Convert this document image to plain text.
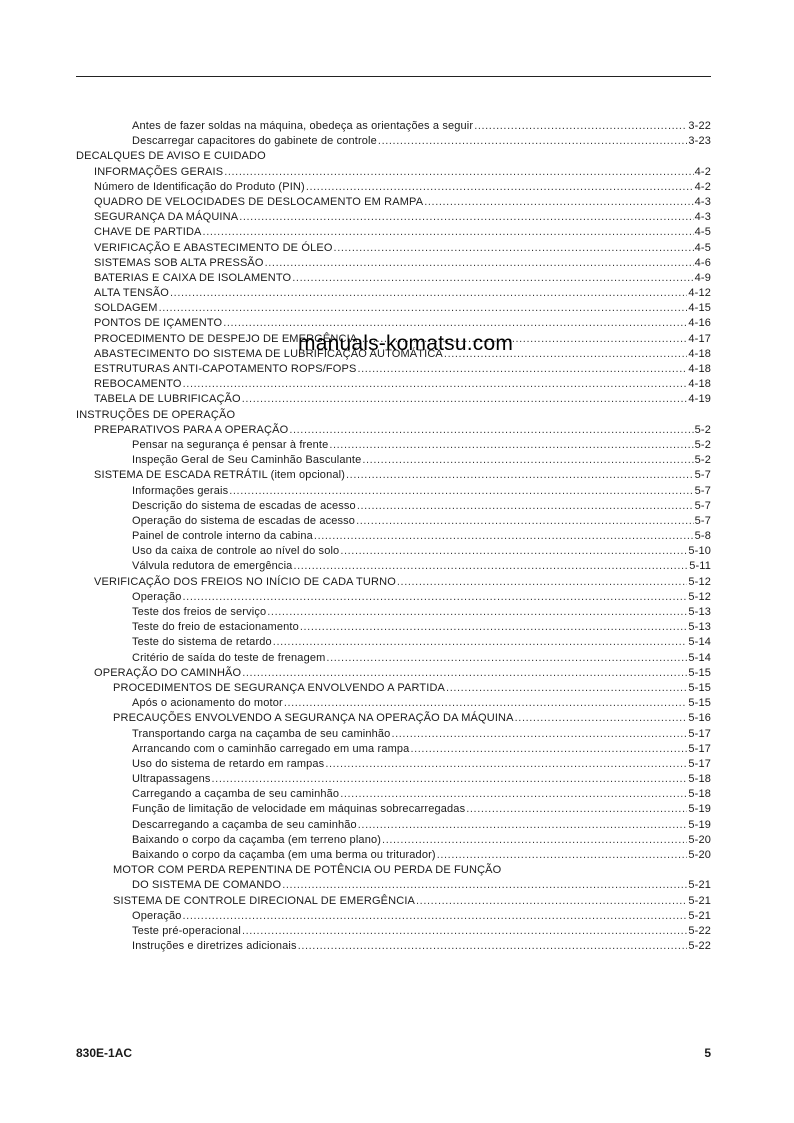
Antes de fazer soldas na máquina, obedeça as orientações a seguir .....	3-22
Descarregar capacitores do gabinete de controle .....	3-23
DECALQUES DE AVISO E CUIDADO
INFORMAÇÕES GERAIS .....	4-2
Número de Identificação do Produto (PIN) .....	4-2
QUADRO DE VELOCIDADES DE DESLOCAMENTO EM RAMPA .....	4-3
SEGURANÇA DA MÁQUINA .....	4-3
CHAVE DE PARTIDA .....	4-5
VERIFICAÇÃO E ABASTECIMENTO DE ÓLEO .....	4-5
SISTEMAS SOB ALTA PRESSÃO .....	4-6
BATERIAS E CAIXA DE ISOLAMENTO .....	4-9
ALTA TENSÃO .....	4-12
SOLDAGEM .....	4-15
PONTOS DE IÇAMENTO .....	4-16
PROCEDIMENTO DE DESPEJO DE EMERGÊNCIA .....	4-17
ABASTECIMENTO DO SISTEMA DE LUBRIFICAÇÃO AUTOMÁTICA .....	4-18
ESTRUTURAS ANTI-CAPOTAMENTO ROPS/FOPS .....	4-18
REBOCAMENTO .....	4-18
TABELA DE LUBRIFICAÇÃO .....	4-19
INSTRUÇÕES DE OPERAÇÃO
PREPARATIVOS PARA A OPERAÇÃO .....	5-2
Pensar na segurança é pensar à frente .....	5-2
Inspeção Geral de Seu Caminhão Basculante .....	5-2
SISTEMA DE ESCADA RETRÁTIL (item opcional) .....	5-7
Informações gerais .....	5-7
Descrição do sistema de escadas de acesso .....	5-7
Operação do sistema de escadas de acesso .....	5-7
Painel de controle interno da cabina .....	5-8
Uso da caixa de controle ao nível do solo .....	5-10
Válvula redutora de emergência .....	5-11
VERIFICAÇÃO DOS FREIOS NO INÍCIO DE CADA TURNO .....	5-12
Operação .....	5-12
Teste dos freios de serviço .....	5-13
Teste do freio de estacionamento .....	5-13
Teste do sistema de retardo .....	5-14
Critério de saída do teste de frenagem .....	5-14
OPERAÇÃO DO CAMINHÃO .....	5-15
PROCEDIMENTOS DE SEGURANÇA ENVOLVENDO A PARTIDA .....	5-15
Após o acionamento do motor .....	5-15
PRECAUÇÕES ENVOLVENDO A SEGURANÇA NA OPERAÇÃO DA MÁQUINA .....	5-16
Transportando carga na caçamba de seu caminhão .....	5-17
Arrancando com o caminhão carregado em uma rampa .....	5-17
Uso do sistema de retardo em rampas .....	5-17
Ultrapassagens .....	5-18
Carregando a caçamba de seu caminhão .....	5-18
Função de limitação de velocidade em máquinas sobrecarregadas .....	5-19
Descarregando a caçamba de seu caminhão .....	5-19
Baixando o corpo da caçamba (em terreno plano) .....	5-20
Baixando o corpo da caçamba (em uma berma ou triturador) .....	5-20
MOTOR COM PERDA REPENTINA DE POTÊNCIA OU PERDA DE FUNÇÃO
DO SISTEMA DE COMANDO .....	5-21
SISTEMA DE CONTROLE DIRECIONAL DE EMERGÊNCIA .....	5-21
Operação .....	5-21
Teste pré-operacional .....	5-22
Instruções e diretrizes adicionais .....	5-22
manuals-komatsu.com
830E-1AC	5
